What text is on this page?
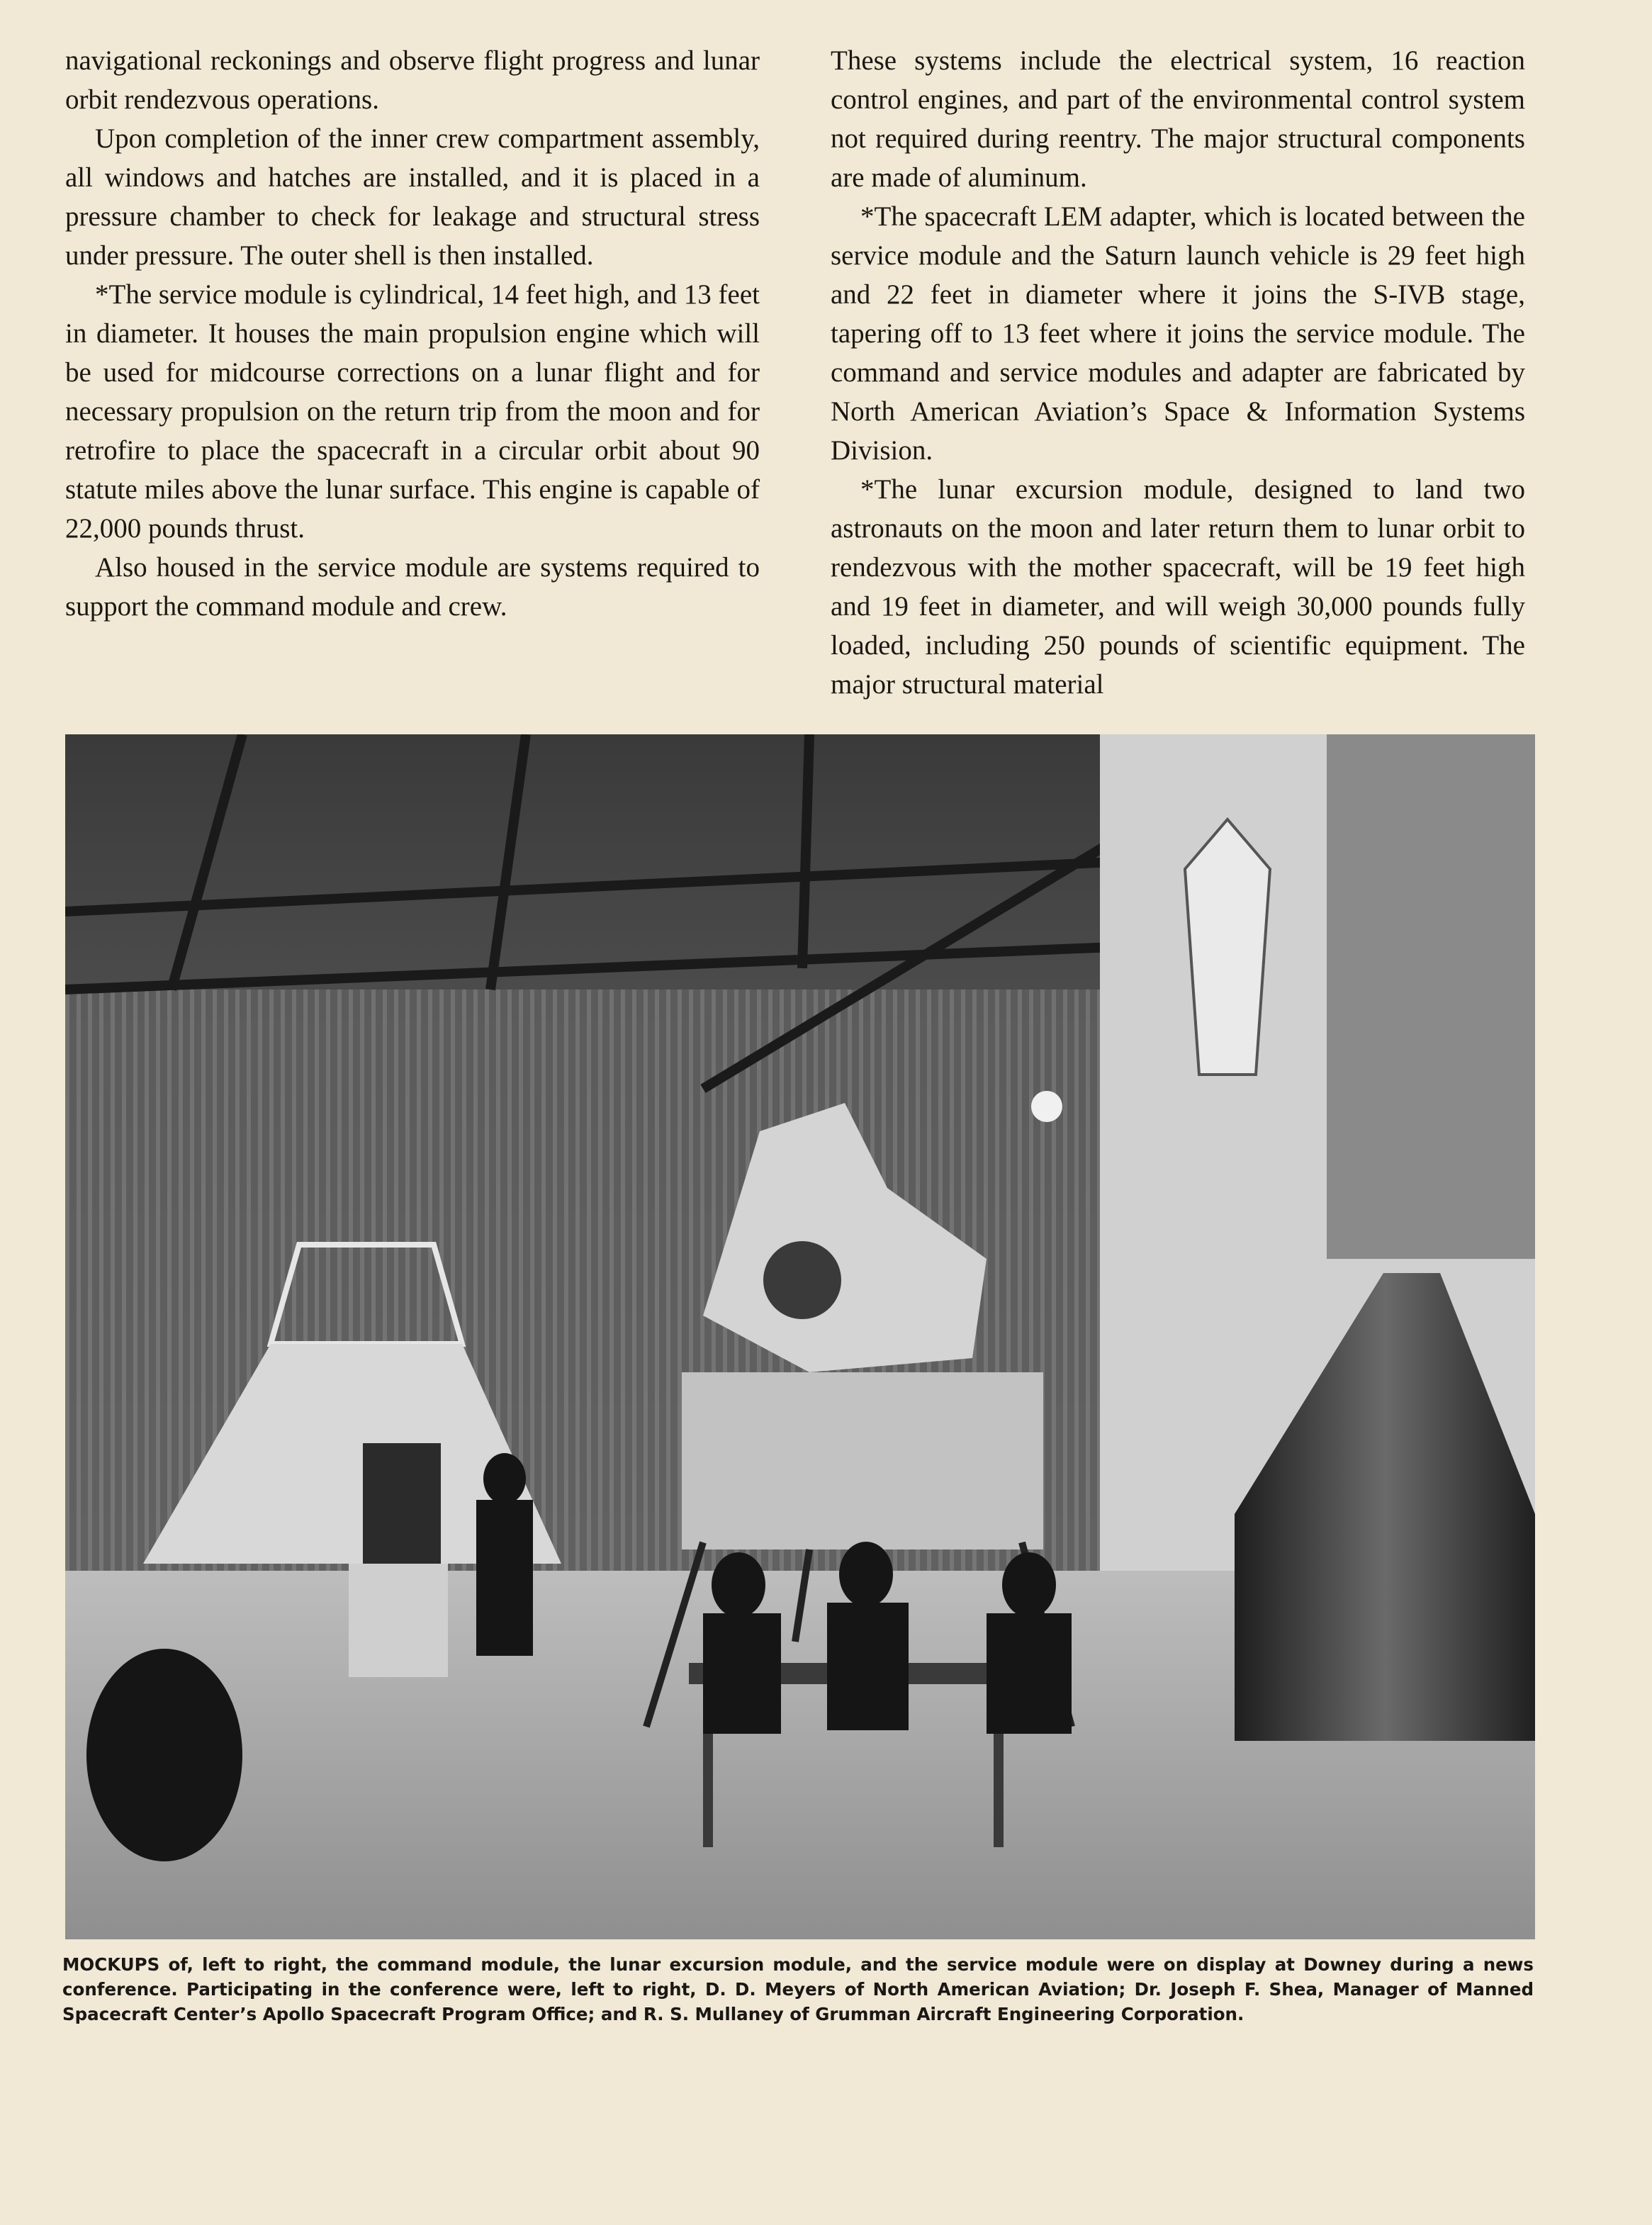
navigational reckonings and observe flight progress and lunar orbit rendezvous operations.

Upon completion of the inner crew compartment assembly, all windows and hatches are installed, and it is placed in a pressure chamber to check for leakage and structural stress under pressure. The outer shell is then installed.

*The service module is cylindrical, 14 feet high, and 13 feet in diameter. It houses the main propulsion engine which will be used for midcourse corrections on a lunar flight and for necessary propulsion on the return trip from the moon and for retrofire to place the spacecraft in a circular orbit about 90 statute miles above the lunar surface. This engine is capable of 22,000 pounds thrust.

Also housed in the service module are systems required to support the command module and crew.

These systems include the electrical system, 16 reaction control engines, and part of the environmental control system not required during reentry. The major structural components are made of aluminum.

*The spacecraft LEM adapter, which is located between the service module and the Saturn launch vehicle is 29 feet high and 22 feet in diameter where it joins the S-IVB stage, tapering off to 13 feet where it joins the service module. The command and service modules and adapter are fabricated by North American Aviation’s Space & Information Systems Division.

*The lunar excursion module, designed to land two astronauts on the moon and later return them to lunar orbit to rendezvous with the mother spacecraft, will be 19 feet high and 19 feet in diameter, and will weigh 30,000 pounds fully loaded, including 250 pounds of scientific equipment. The major structural material

MOCKUPS of, left to right, the command module, the lunar excursion module, and the service module were on display at Downey during a news conference. Participating in the conference were, left to right, D. D. Meyers of North American Aviation; Dr. Joseph F. Shea, Manager of Manned Spacecraft Center’s Apollo Spacecraft Program Office; and R. S. Mullaney of Grumman Aircraft Engineering Corporation.
